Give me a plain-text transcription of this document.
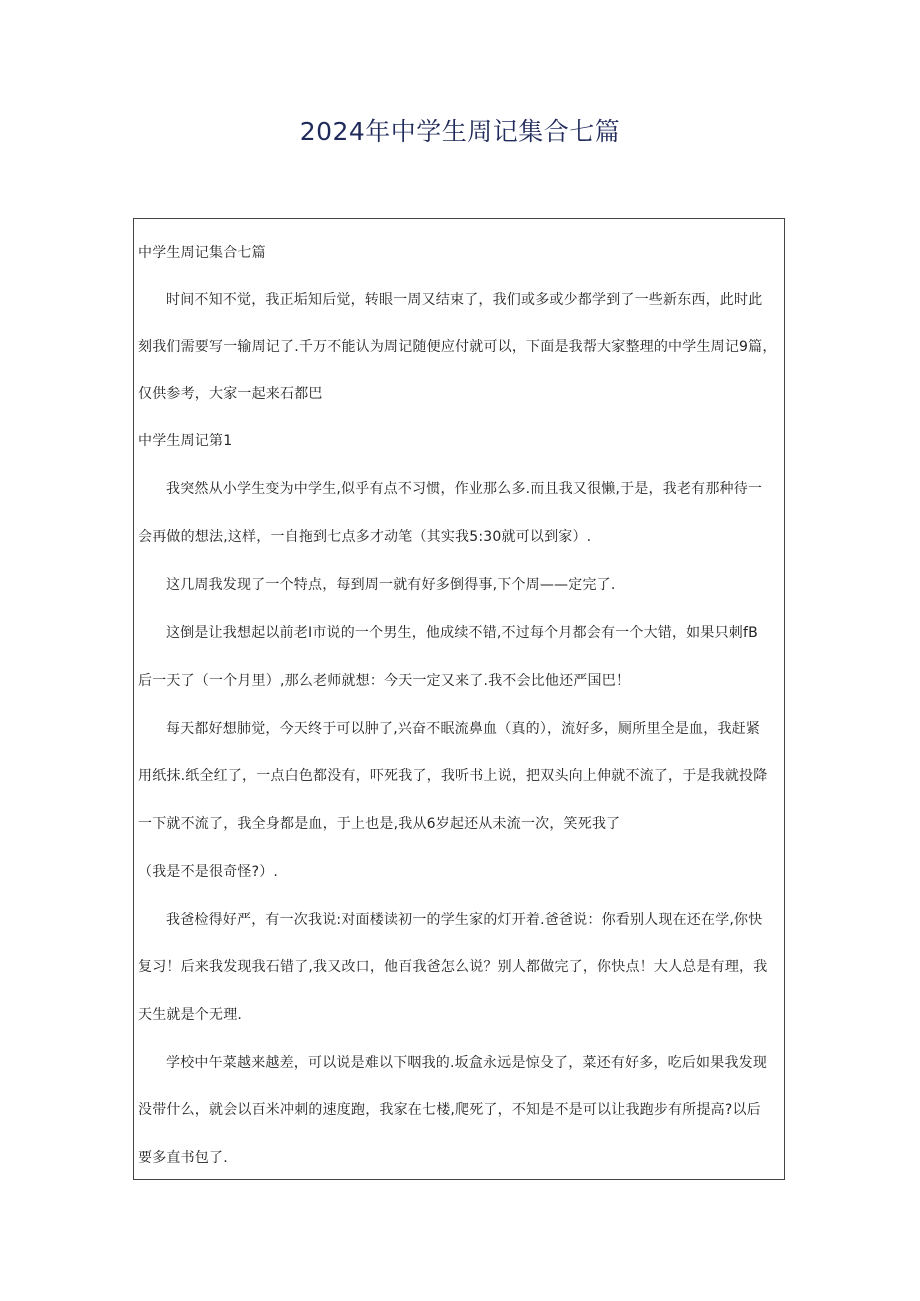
2024年中学生周记集合七篇
中学生周记集合七篇
时间不知不觉，我正垢知后觉，转眼一周又结束了，我们或多或少都学到了一些新东西，此时此
刻我们需要写一输周记了.千万不能认为周记随便应付就可以，下面是我帮大家整理的中学生周记9篇，
仅供参考，大家一起来石都巴
中学生周记第1
我突然从小学生变为中学生,似乎有点不习惯，作业那么多.而且我又很懒,于是，我老有那种待一
会再做的想法,这样，一自拖到七点多才动笔（其实我5:30就可以到家）.
这几周我发现了一个特点，每到周一就有好多倒得事,下个周——定完了.
这倒是让我想起以前老I市说的一个男生，他成续不错,不过每个月都会有一个大错，如果只刺fB
后一天了（一个月里）,那么老师就想：今天一定又来了.我不会比他还严国巴！
每天都好想肺觉，今天终于可以肿了,兴奋不眠流鼻血（真的），流好多，厕所里全是血，我赶紧
用纸抹.纸全红了，一点白色都没有，吓死我了，我听书上说，把双头向上伸就不流了，于是我就投降
一下就不流了，我全身都是血，于上也是,我从6岁起还从未流一次，笑死我了
（我是不是很奇怪?）.
我爸检得好严，有一次我说:对面楼读初一的学生家的灯开着.爸爸说：你看别人现在还在学,你快
复习！后来我发现我石错了,我又改口，他百我爸怎么说？别人都做完了，你快点！大人总是有理，我
天生就是个无理.
学校中午菜越来越差，可以说是难以下咽我的.坂盒永远是惊殳了，菜还有好多，吃后如果我发现
没带什么，就会以百米冲刺的速度跑，我家在七楼,爬死了，不知是不是可以让我跑步有所提高?以后
要多直书包了.
